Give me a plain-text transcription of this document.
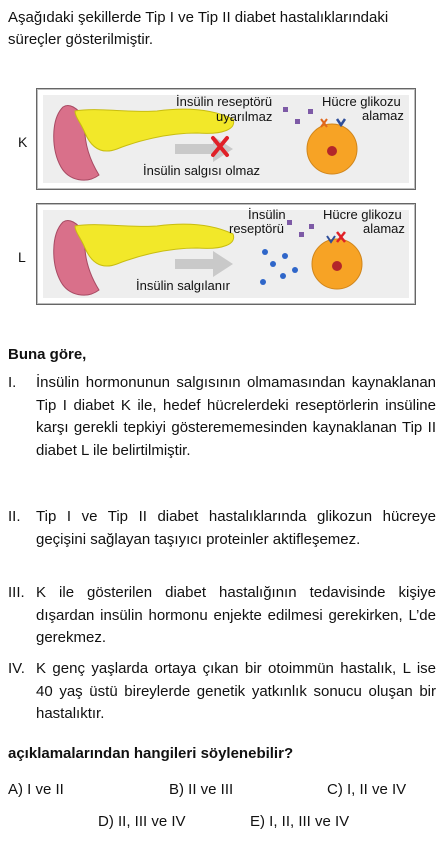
Aşağıdaki şekillerde Tip I ve Tip II diabet hastalıklarındaki süreçler gösterilmiştir.
K
İnsülin reseptörü
uyarılmaz
Hücre glikozu
alamaz
İnsülin salgısı olmaz
L
İnsülin
reseptörü
Hücre glikozu
alamaz
İnsülin salgılanır
Buna göre,
I. İnsülin hormonunun salgısının olmamasından kaynaklanan Tip I diabet K ile, hedef hücrelerdeki reseptörlerin insüline karşı gerekli tepkiyi gösterememesinden kaynaklanan Tip II diabet L ile belirtilmiştir.
II. Tip I ve Tip II diabet hastalıklarında glikozun hücreye geçişini sağlayan taşıyıcı proteinler aktifleşemez.
III. K ile gösterilen diabet hastalığının tedavisinde kişiye dışardan insülin hormonu enjekte edilmesi gerekirken, L’de gerekmez.
IV. K genç yaşlarda ortaya çıkan bir otoimmün hastalık, L ise 40 yaş üstü bireylerde genetik yatkınlık sonucu oluşan bir hastalıktır.
açıklamalarından hangileri söylenebilir?
A) I ve II	B) II ve III	C) I, II ve IV
D) II, III ve IV	E) I, II, III ve IV
